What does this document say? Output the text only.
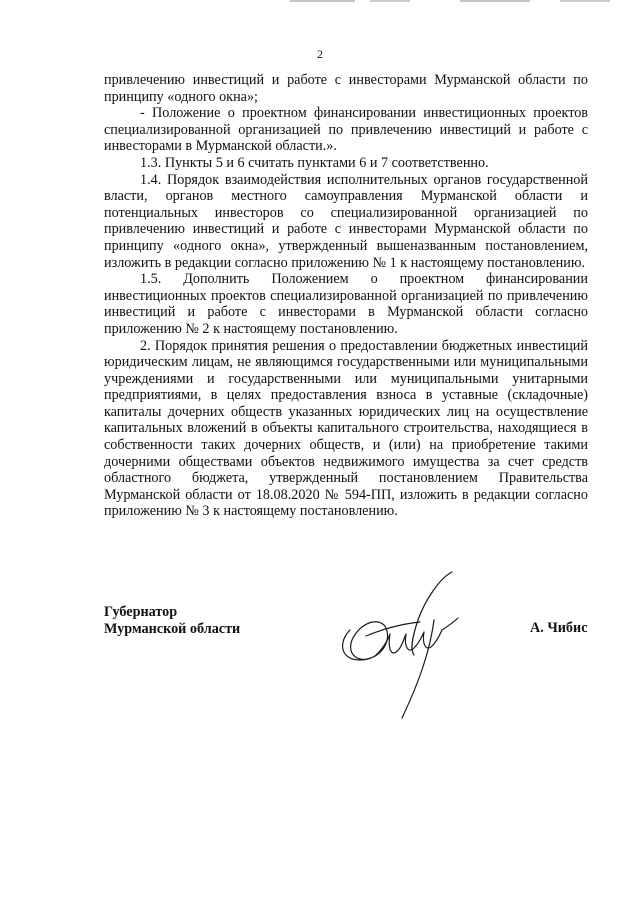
2

привлечению инвестиций и работе с инвесторами Мурманской области по принципу «одного окна»;

- Положение о проектном финансировании инвестиционных проектов специализированной организацией по привлечению инвестиций и работе с инвесторами в Мурманской области.».

1.3. Пункты 5 и 6 считать пунктами 6 и 7 соответственно.

1.4. Порядок взаимодействия исполнительных органов государственной власти, органов местного самоуправления Мурманской области и потенциальных инвесторов со специализированной организацией по привлечению инвестиций и работе с инвесторами Мурманской области по принципу «одного окна», утвержденный вышеназванным постановлением, изложить в редакции согласно приложению № 1 к настоящему постановлению.

1.5. Дополнить Положением о проектном финансировании инвестиционных проектов специализированной организацией по привлечению инвестиций и работе с инвесторами в Мурманской области согласно приложению № 2 к настоящему постановлению.

2. Порядок принятия решения о предоставлении бюджетных инвестиций юридическим лицам, не являющимся государственными или муниципальными учреждениями и государственными или муниципальными унитарными предприятиями, в целях предоставления взноса в уставные (складочные) капиталы дочерних обществ указанных юридических лиц на осуществление капитальных вложений в объекты капитального строительства, находящиеся в собственности таких дочерних обществ, и (или) на приобретение такими дочерними обществами объектов недвижимого имущества за счет средств областного бюджета, утвержденный постановлением Правительства Мурманской области от 18.08.2020 № 594-ПП, изложить в редакции согласно приложению № 3 к настоящему постановлению.

Губернатор
Мурманской области	А. Чибис
